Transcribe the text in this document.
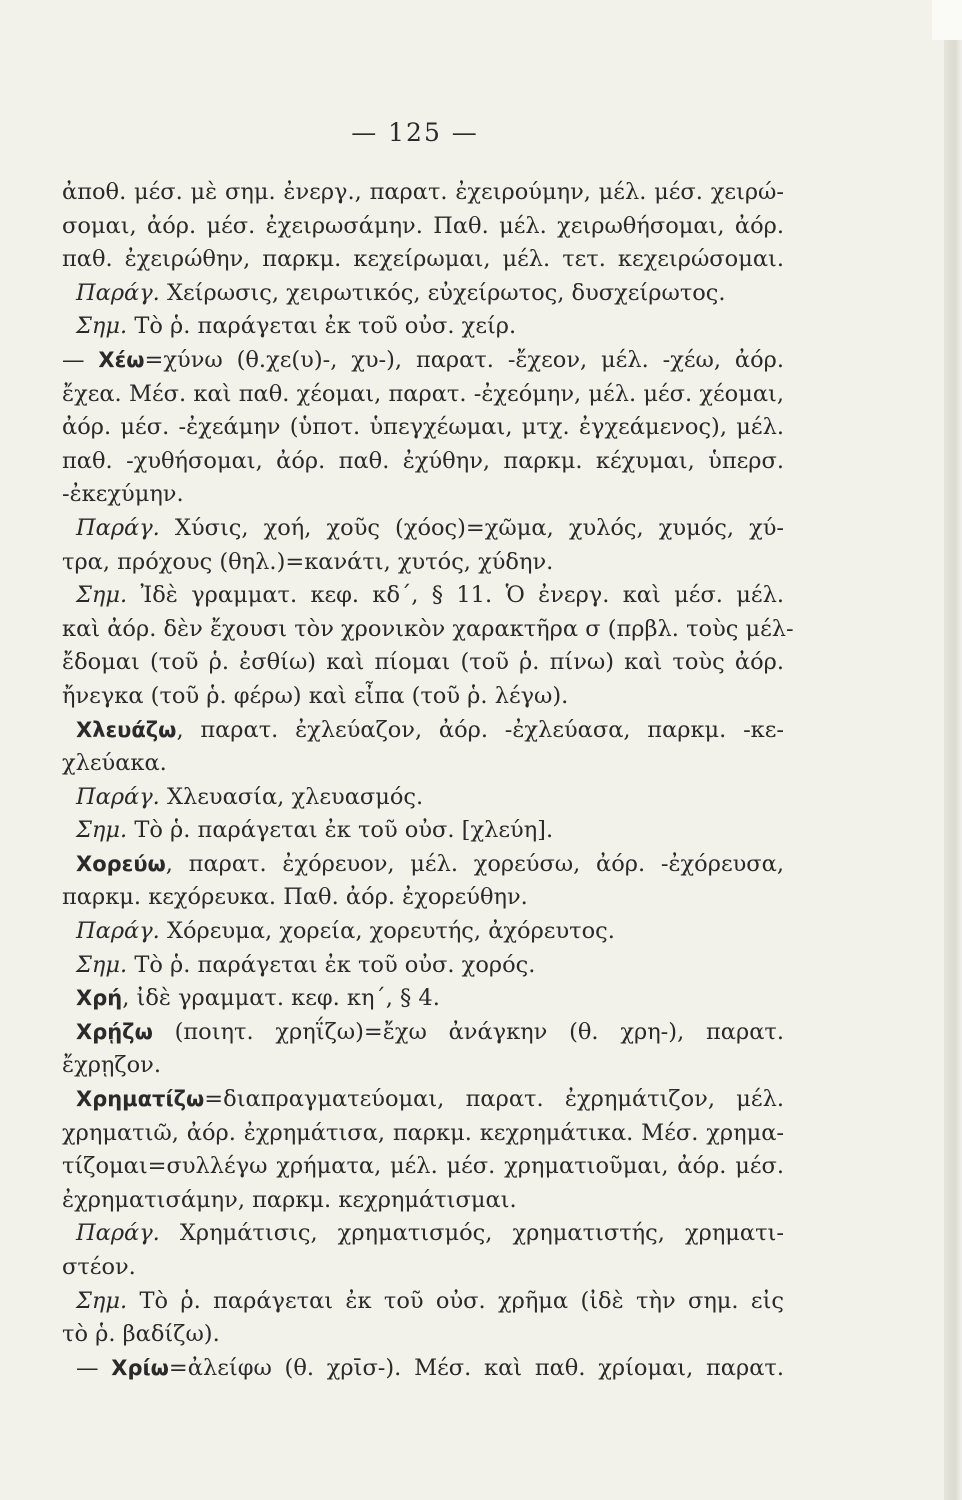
— 125 —
ἀποθ. μέσ. μὲ σημ. ἐνεργ., παρατ. ἐχειρούμην, μέλ. μέσ. χειρώ-
σομαι, ἀόρ. μέσ. ἐχειρωσάμην. Παθ. μέλ. χειρωθήσομαι, ἀόρ.
παθ. ἐχειρώθην, παρκμ. κεχείρωμαι, μέλ. τετ. κεχειρώσομαι.
Παράγ. Χείρωσις, χειρωτικός, εὐχείρωτος, δυσχείρωτος.
Σημ. Τὸ ῥ. παράγεται ἐκ τοῦ οὐσ. χείρ.
— Χέω=χύνω (θ.χε(υ)-, χυ-), παρατ. -ἔχεον, μέλ. -χέω, ἀόρ.
ἔχεα. Μέσ. καὶ παθ. χέομαι, παρατ. -ἐχεόμην, μέλ. μέσ. χέομαι,
ἀόρ. μέσ. -ἐχεάμην (ὑποτ. ὑπεγχέωμαι, μτχ. ἐγχεάμενος), μέλ.
παθ. -χυθήσομαι, ἀόρ. παθ. ἐχύθην, παρκμ. κέχυμαι, ὑπερσ.
-ἐκεχύμην.
Παράγ. Χύσις, χοή, χοῦς (χόος)=χῶμα, χυλός, χυμός, χύ-
τρα, πρόχους (θηλ.)=κανάτι, χυτός, χύδην.
Σημ. Ἰδὲ γραμματ. κεφ. κδ΄, § 11. Ὁ ἐνεργ. καὶ μέσ. μέλ.
καὶ ἀόρ. δὲν ἔχουσι τὸν χρονικὸν χαρακτῆρα σ (πρβλ. τοὺς μέλ-
ἔδομαι (τοῦ ῥ. ἐσθίω) καὶ πίομαι (τοῦ ῥ. πίνω) καὶ τοὺς ἀόρ.
ἤνεγκα (τοῦ ῥ. φέρω) καὶ εἶπα (τοῦ ῥ. λέγω).
Χλευάζω, παρατ. ἐχλεύαζον, ἀόρ. -ἐχλεύασα, παρκμ. -κε-
χλεύακα.
Παράγ. Χλευασία, χλευασμός.
Σημ. Τὸ ῥ. παράγεται ἐκ τοῦ οὐσ. [χλεύη].
Χορεύω, παρατ. ἐχόρευον, μέλ. χορεύσω, ἀόρ. -ἐχόρευσα,
παρκμ. κεχόρευκα. Παθ. ἀόρ. ἐχορεύθην.
Παράγ. Χόρευμα, χορεία, χορευτής, ἀχόρευτος.
Σημ. Τὸ ῥ. παράγεται ἐκ τοῦ οὐσ. χορός.
Χρή, ἰδὲ γραμματ. κεφ. κη΄, § 4.
Χρῄζω (ποιητ. χρηΐζω)=ἔχω ἀνάγκην (θ. χρη-), παρατ.
ἔχρῃζον.
Χρηματίζω=διαπραγματεύομαι, παρατ. ἐχρημάτιζον, μέλ.
χρηματιῶ, ἀόρ. ἐχρημάτισα, παρκμ. κεχρημάτικα. Μέσ. χρημα-
τίζομαι=συλλέγω χρήματα, μέλ. μέσ. χρηματιοῦμαι, ἀόρ. μέσ.
ἐχρηματισάμην, παρκμ. κεχρημάτισμαι.
Παράγ. Χρημάτισις, χρηματισμός, χρηματιστής, χρηματι-
στέον.
Σημ. Τὸ ῥ. παράγεται ἐκ τοῦ οὐσ. χρῆμα (ἰδὲ τὴν σημ. εἰς
τὸ ῥ. βαδίζω).
— Χρίω=ἀλείφω (θ. χρῑσ-). Μέσ. καὶ παθ. χρίομαι, παρατ.
